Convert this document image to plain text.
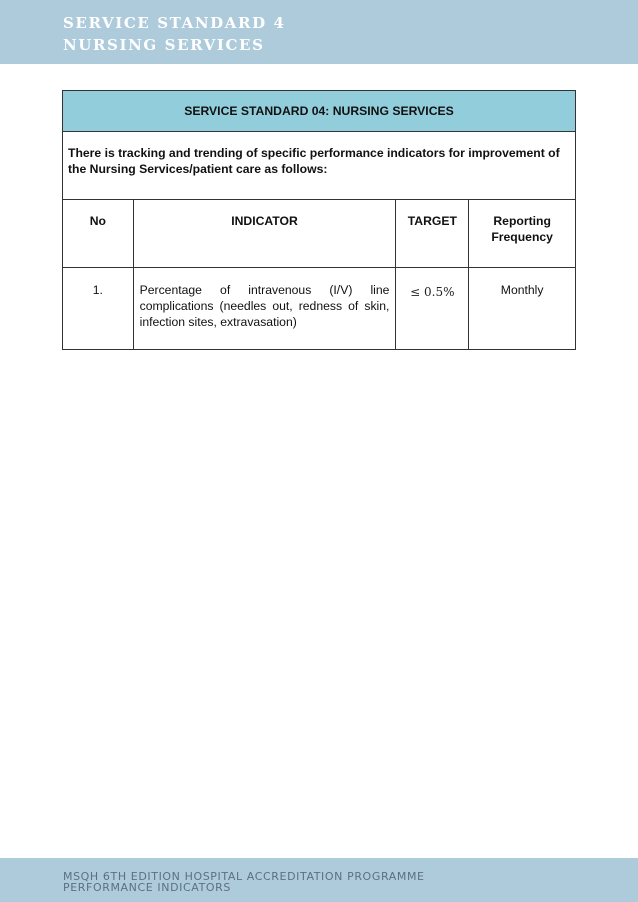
SERVICE STANDARD 4
NURSING SERVICES
SERVICE STANDARD 04: NURSING SERVICES			
There is tracking and trending of specific performance indicators for improvement of the Nursing Services/patient care as follows:			
No	INDICATOR	TARGET	Reporting Frequency
1.	Percentage of intravenous (I/V) line complications (needles out, redness of skin, infection sites, extravasation)	≤ 0.5%	Monthly
MSQH 6TH EDITION HOSPITAL ACCREDITATION PROGRAMME
PERFORMANCE INDICATORS
